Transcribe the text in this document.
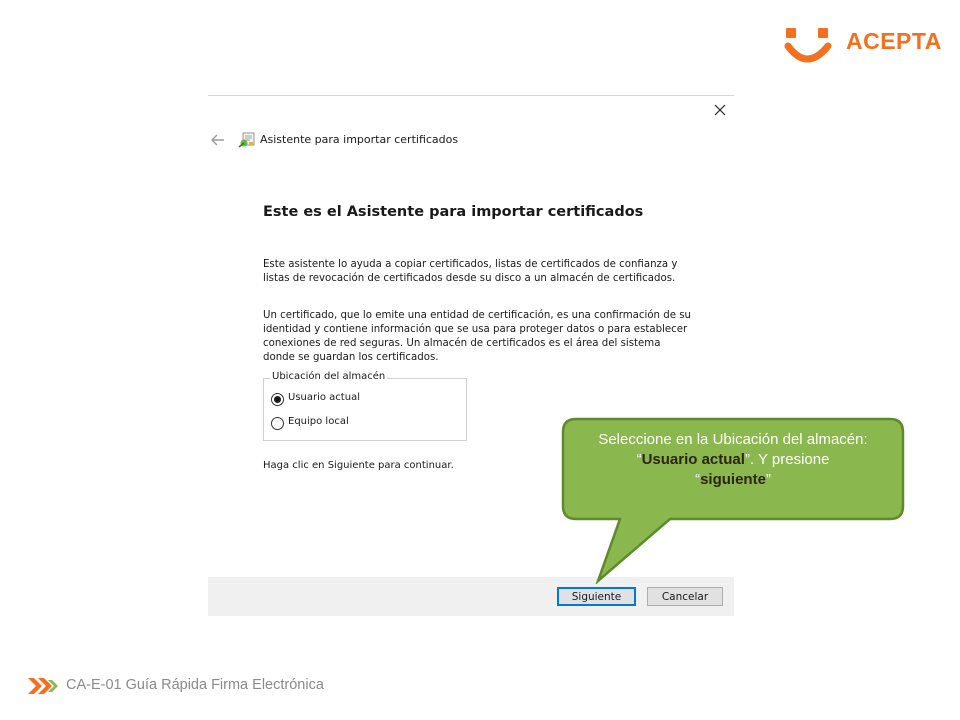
ACEPTA
Asistente para importar certificados
Este es el Asistente para importar certificados
Este asistente lo ayuda a copiar certificados, listas de certificados de confianza y listas de revocación de certificados desde su disco a un almacén de certificados.
Un certificado, que lo emite una entidad de certificación, es una confirmación de su identidad y contiene información que se usa para proteger datos o para establecer conexiones de red seguras. Un almacén de certificados es el área del sistema donde se guardan los certificados.
Ubicación del almacén
Usuario actual
Equipo local
Haga clic en Siguiente para continuar.
Siguiente	Cancelar
Seleccione en la Ubicación del almacén:
“Usuario actual”. Y presione
“siguiente”
CA-E-01 Guía Rápida Firma Electrónica
